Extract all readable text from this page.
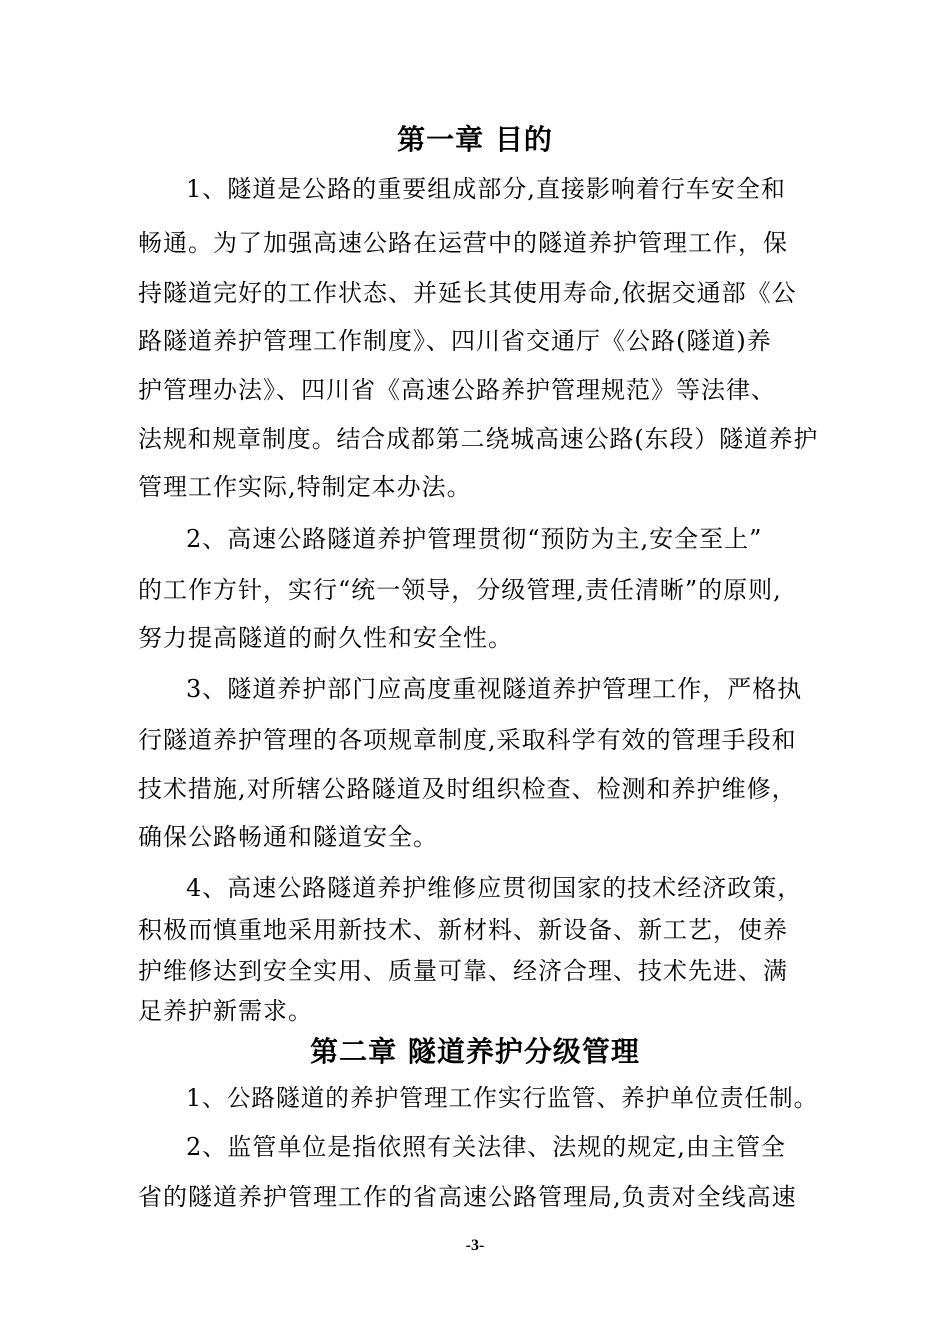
第一章 目的
1、隧道是公路的重要组成部分,直接影响着行车安全和
畅通。为了加强高速公路在运营中的隧道养护管理工作，保
持隧道完好的工作状态、并延长其使用寿命,依据交通部《公
路隧道养护管理工作制度》、四川省交通厅《公路(隧道)养
护管理办法》、四川省《高速公路养护管理规范》等法律、
法规和规章制度。结合成都第二绕城高速公路(东段）隧道养护
管理工作实际,特制定本办法。
2、高速公路隧道养护管理贯彻“预防为主,安全至上”
的工作方针，实行“统一领导，分级管理,责任清晰”的原则,
努力提高隧道的耐久性和安全性。
3、隧道养护部门应高度重视隧道养护管理工作，严格执
行隧道养护管理的各项规章制度,采取科学有效的管理手段和
技术措施,对所辖公路隧道及时组织检查、检测和养护维修，
确保公路畅通和隧道安全。
4、高速公路隧道养护维修应贯彻国家的技术经济政策，
积极而慎重地采用新技术、新材料、新设备、新工艺，使养
护维修达到安全实用、质量可靠、经济合理、技术先进、满
足养护新需求。
第二章 隧道养护分级管理
1、公路隧道的养护管理工作实行监管、养护单位责任制。
2、监管单位是指依照有关法律、法规的规定,由主管全
省的隧道养护管理工作的省高速公路管理局,负责对全线高速
-3-
